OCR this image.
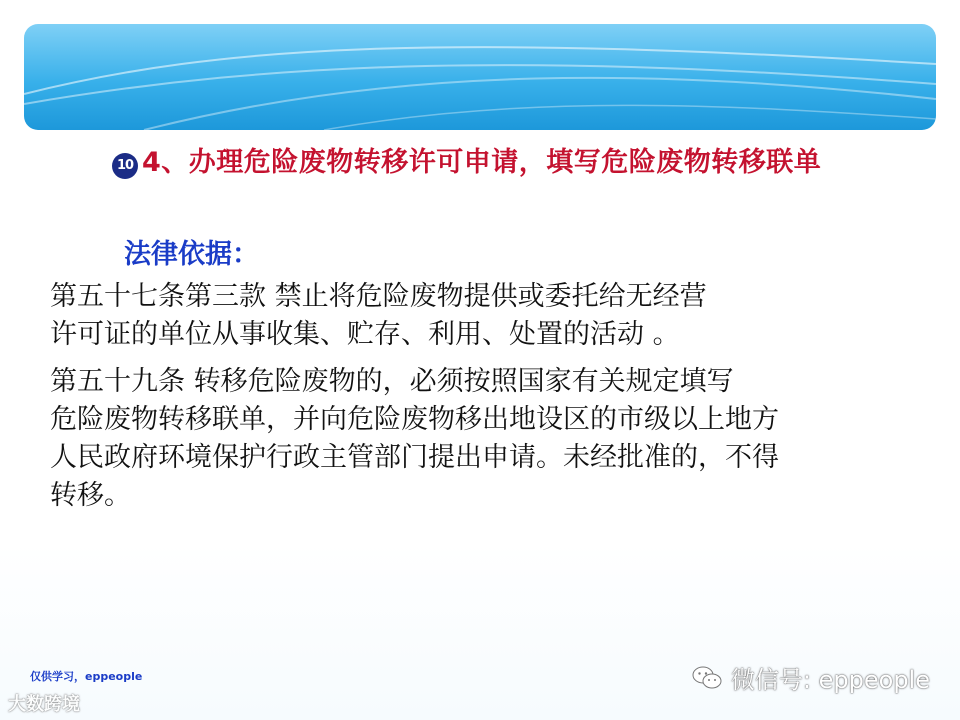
10 4、办理危险废物转移许可申请，填写危险废物转移联单
法律依据：
第五十七条第三款 禁止将危险废物提供或委托给无经营
许可证的单位从事收集、贮存、利用、处置的活动 。
第五十九条 转移危险废物的，必须按照国家有关规定填写
危险废物转移联单，并向危险废物移出地设区的市级以上地方
人民政府环境保护行政主管部门提出申请。未经批准的，不得
转移。
仅供学习，eppeople
大数跨境
微信号: eppeople
